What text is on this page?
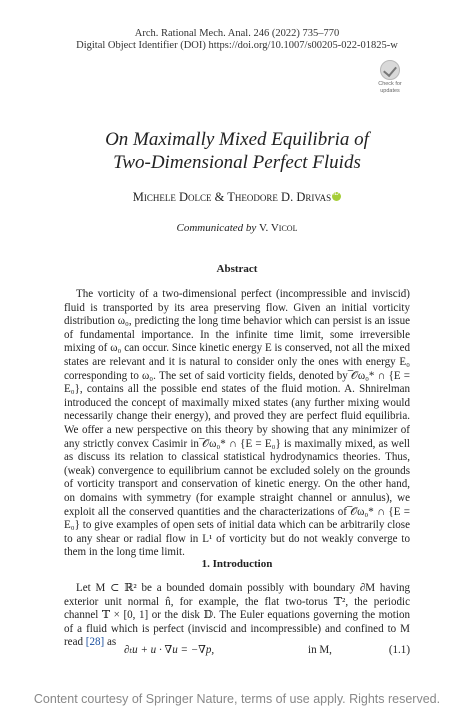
Arch. Rational Mech. Anal. 246 (2022) 735–770
Digital Object Identifier (DOI) https://doi.org/10.1007/s00205-022-01825-w
Check for
updates
On Maximally Mixed Equilibria of
Two-Dimensional Perfect Fluids
Michele Dolce & Theodore D. DrivasiD
Communicated by V. Vicol
Abstract

The vorticity of a two-dimensional perfect (incompressible and inviscid) fluid is transported by its area preserving flow. Given an initial vorticity distribution ω₀, predicting the long time behavior which can persist is an issue of fundamental importance. In the infinite time limit, some irreversible mixing of ω₀ can occur. Since kinetic energy E is conserved, not all the mixed states are relevant and it is natural to consider only the ones with energy E₀ corresponding to ω₀. The set of said vorticity fields, denoted by ̅𝒪ω₀* ∩ {E = E₀}, contains all the possible end states of the fluid motion. A. Shnirelman introduced the concept of maximally mixed states (any further mixing would necessarily change their energy), and proved they are perfect fluid equilibria. We offer a new perspective on this theory by showing that any minimizer of any strictly convex Casimir in ̅𝒪ω₀* ∩ {E = E₀} is maximally mixed, as well as discuss its relation to classical statistical hydrodynamics theories. Thus, (weak) convergence to equilibrium cannot be excluded solely on the grounds of vorticity transport and conservation of kinetic energy. On the other hand, on domains with symmetry (for example straight channel or annulus), we exploit all the conserved quantities and the characterizations of ̅𝒪ω₀* ∩ {E = E₀} to give examples of open sets of initial data which can be arbitrarily close to any shear or radial flow in L¹ of vorticity but do not weakly converge to them in the long time limit.

1. Introduction

Let M ⊂ ℝ² be a bounded domain possibly with boundary ∂M having exterior unit normal n̂, for example, the flat two-torus 𝕋², the periodic channel 𝕋 × [0, 1] or the disk 𝔻. The Euler equations governing the motion of a fluid which is perfect (inviscid and incompressible) and confined to M read [28] as

∂ₜu + u · ∇u = −∇p,	in M,	(1.1)
Content courtesy of Springer Nature, terms of use apply. Rights reserved.
